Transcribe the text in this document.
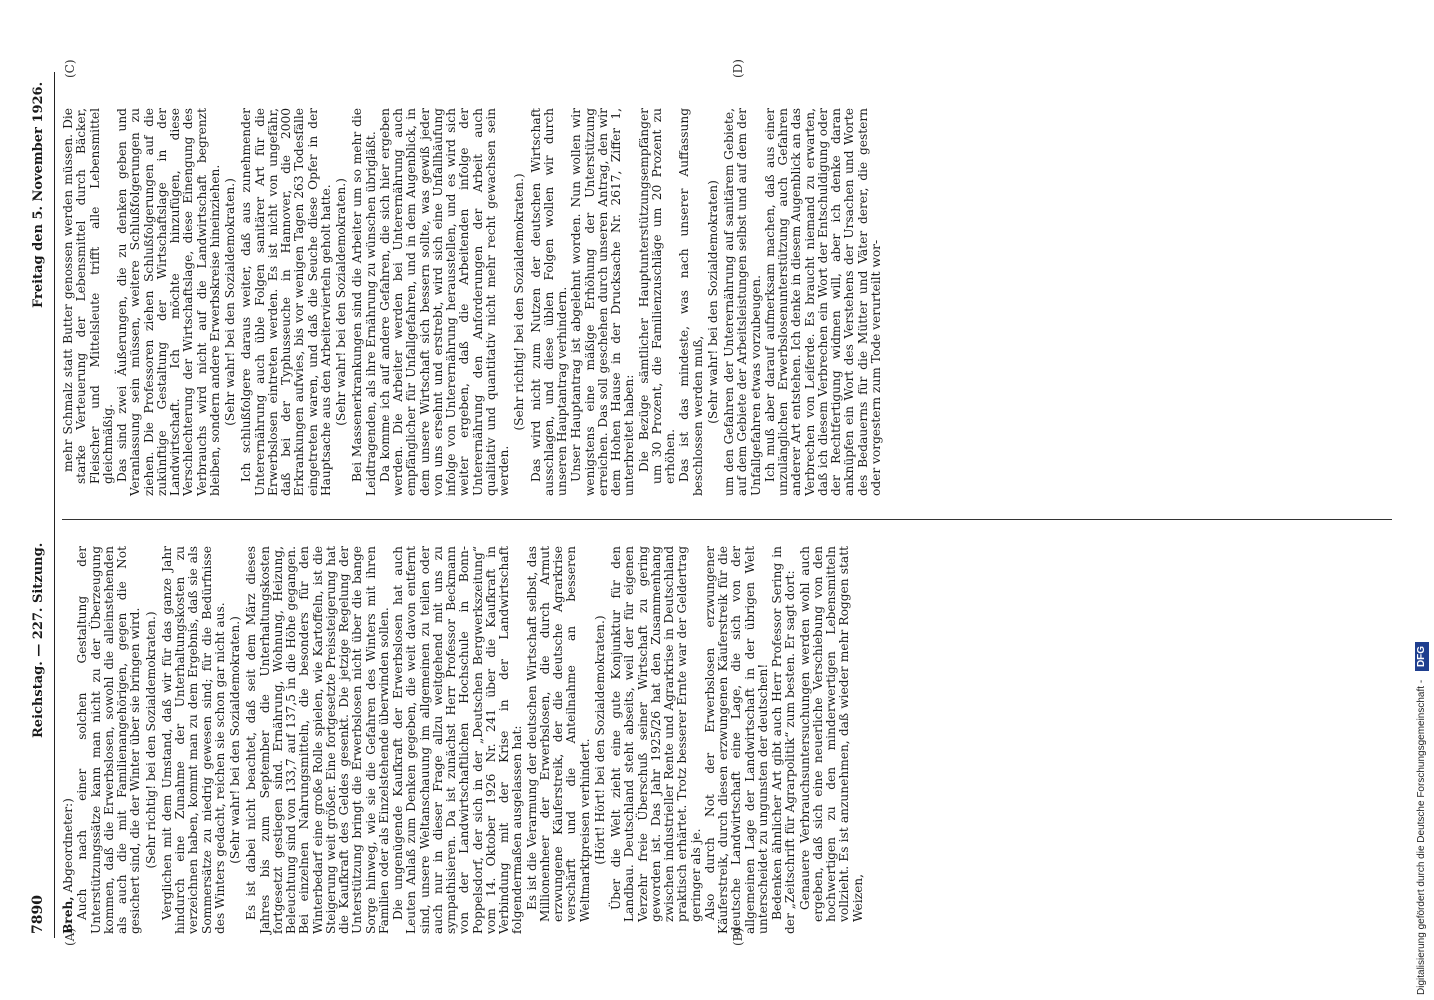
7890
Reichstag. — 227. Sitzung.
Freitag den 5. November 1926.
(A)	(B)
(C)	(D)

Breh, Abgeordneter:) Auch nach einer solchen Gestaltung der Unterstützungssätze kann man nicht zu der Überzeugung kommen, daß die Erwerbslosen, sowohl die alleinstehenden als auch die mit Familienangehörigen, gegen die Not gesichert sind, die der Winter über sie bringen wird. (Sehr richtig! bei den Sozialdemokraten.) Verglichen mit dem Umstand, daß wir für das ganze Jahr hindurch eine Zunahme der Unterhaltungskosten zu verzeichnen haben, kommt man zu dem Ergebnis, daß sie als Sommersätze zu niedrig gewesen sind; für die Bedürfnisse des Winters gedacht, reichen sie schon gar nicht aus. (Sehr wahr! bei den Sozialdemokraten.) Es ist dabei nicht beachtet, daß seit dem März dieses Jahres bis zum September die Unterhaltungskosten fortgesetzt gestiegen sind. Ernährung, Wohnung, Heizung, Beleuchtung sind von 133,7 auf 137,5 in die Höhe gegangen. Bei einzelnen Nahrungsmitteln, die besonders für den Winterbedarf eine große Rolle spielen, wie Kartoffeln, ist die Steigerung weit größer. Eine fortgesetzte Preissteigerung hat die Kaufkraft des Geldes gesenkt. Die jetzige Regelung der Unterstützung bringt die Erwerbslosen nicht über die bange Sorge hinweg, wie sie die Gefahren des Winters mit ihren Familien oder als Einzelstehende überwinden sollen. Die ungenügende Kaufkraft der Erwerbslosen hat auch Leuten Anlaß zum Denken gegeben, die weit davon entfernt sind, unsere Weltanschauung im allgemeinen zu teilen oder auch nur in dieser Frage allzu weitgehend mit uns zu sympathisieren. Da ist zunächst Herr Professor Beckmann von der Landwirtschaftlichen Hochschule in Bonn-Poppelsdorf, der sich in der „Deutschen Bergwerkszeitung“ vom 14. Oktober 1926 Nr. 241 über die Kaufkraft in Verbindung mit der Krise in der Landwirtschaft folgendermaßen ausgelassen hat: Es ist die Verarmung der deutschen Wirtschaft selbst, das Millionenheer der Erwerbslosen, die durch Armut erzwungene Käuferstreik, der die deutsche Agrarkrise verschärft und die Anteilnahme an besseren Weltmarktpreisen verhindert. (Hört! Hört! bei den Sozialdemokraten.) Über die Welt zieht eine gute Konjunktur für den Landbau. Deutschland steht abseits, weil der für eigenen Verzehr freie Überschuß seiner Wirtschaft zu gering geworden ist. Das Jahr 1925/26 hat den Zusammenhang zwischen industrieller Rente und Agrarkrise in Deutschland praktisch erhärtet. Trotz besserer Ernte war der Geldertrag geringer als je. Also durch Not der Erwerbslosen erzwungener Käuferstreik, durch diesen erzwungenen Käuferstreik für die deutsche Landwirtschaft eine Lage, die sich von der allgemeinen Lage der Landwirtschaft in der übrigen Welt unterscheidet zu ungunsten der deutschen! Bedenken ähnlicher Art gibt auch Herr Professor Sering in der „Zeitschrift für Agrarpolitik“ zum besten. Er sagt dort: Genauere Verbrauchsuntersuchungen werden wohl auch ergeben, daß sich eine neuerliche Verschiebung von den hochwertigen zu den minderwertigen Lebensmitteln vollzieht. Es ist anzunehmen, daß wieder mehr Roggen statt Weizen,

mehr Schmalz statt Butter genossen werden müssen. Die starke Verteuerung der Lebensmittel durch Bäcker, Fleischer und Mittelsleute trifft alle Lebensmittel gleichmäßig. Das sind zwei Äußerungen, die zu denken geben und Veranlassung sein müssen, weitere Schlußfolgerungen zu ziehen. Die Professoren ziehen Schlußfolgerungen auf die zukünftige Gestaltung der Wirtschaftslage in der Landwirtschaft. Ich möchte hinzufügen, diese Verschlechterung der Wirtschaftslage, diese Einengung des Verbrauchs wird nicht auf die Landwirtschaft begrenzt bleiben, sondern andere Erwerbskreise hineinziehen. (Sehr wahr! bei den Sozialdemokraten.) Ich schlußfolgere daraus weiter, daß aus zunehmender Unterernährung auch üble Folgen sanitärer Art für die Erwerbslosen eintreten werden. Es ist nicht von ungefähr, daß bei der Typhusseuche in Hannover, die 2000 Erkrankungen aufwies, bis vor wenigen Tagen 263 Todesfälle eingetreten waren, und daß die Seuche diese Opfer in der Hauptsache aus den Arbeitervierteln geholt hatte. (Sehr wahr! bei den Sozialdemokraten.) Bei Massenerkrankungen sind die Arbeiter um so mehr die Leidtragenden, als ihre Ernährung zu wünschen übrigläßt. Da komme ich auf andere Gefahren, die sich hier ergeben werden. Die Arbeiter werden bei Unterernährung auch empfänglicher für Unfallgefahren, und in dem Augenblick, in dem unsere Wirtschaft sich bessern sollte, was gewiß jeder von uns ersehnt und erstrebt, wird sich eine Unfallhäufung infolge von Unterernährung herausstellen, und es wird sich weiter ergeben, daß die Arbeitenden infolge der Unterernährung den Anforderungen der Arbeit auch qualitativ und quantitativ nicht mehr recht gewachsen sein werden.

(Sehr richtig! bei den Sozialdemokraten.) Das wird nicht zum Nutzen der deutschen Wirtschaft ausschlagen, und diese üblen Folgen wollen wir durch unseren Hauptantrag verhindern. Unser Hauptantrag ist abgelehnt worden. Nun wollen wir wenigstens eine mäßige Erhöhung der Unterstützung erreichen. Das soll geschehen durch unseren Antrag, den wir dem Hohen Hause in der Drucksache Nr. 2617, Ziffer 1, unterbreitet haben: Die Bezüge sämtlicher Hauptunterstützungsempfänger um 30 Prozent, die Familienzuschläge um 20 Prozent zu erhöhen. Das ist das mindeste, was nach unserer Auffassung beschlossen werden muß, (Sehr wahr! bei den Sozialdemokraten) um den Gefahren der Unterernährung auf sanitärem Gebiete, auf dem Gebiete der Arbeitsleistungen selbst und auf dem der Unfallgefahren etwas vorzubeugen. Ich muß aber darauf aufmerksam machen, daß aus einer unzulänglichen Erwerbslosenunterstützung auch Gefahren anderer Art entstehen. Ich denke in diesem Augenblick an das Verbrechen von Leiferde. Es braucht niemand zu erwarten, daß ich diesem Verbrechen ein Wort der Entschuldigung oder der Rechtfertigung widmen will, aber ich denke daran anknüpfen ein Wort des Verstehens der Ursachen und Worte des Bedauerns für die Mütter und Väter derer, die gestern oder vorgestern zum Tode verurteilt wor-

Digitalisierung gefördert durch die Deutsche Forschungsgemeinschaft - DFG
